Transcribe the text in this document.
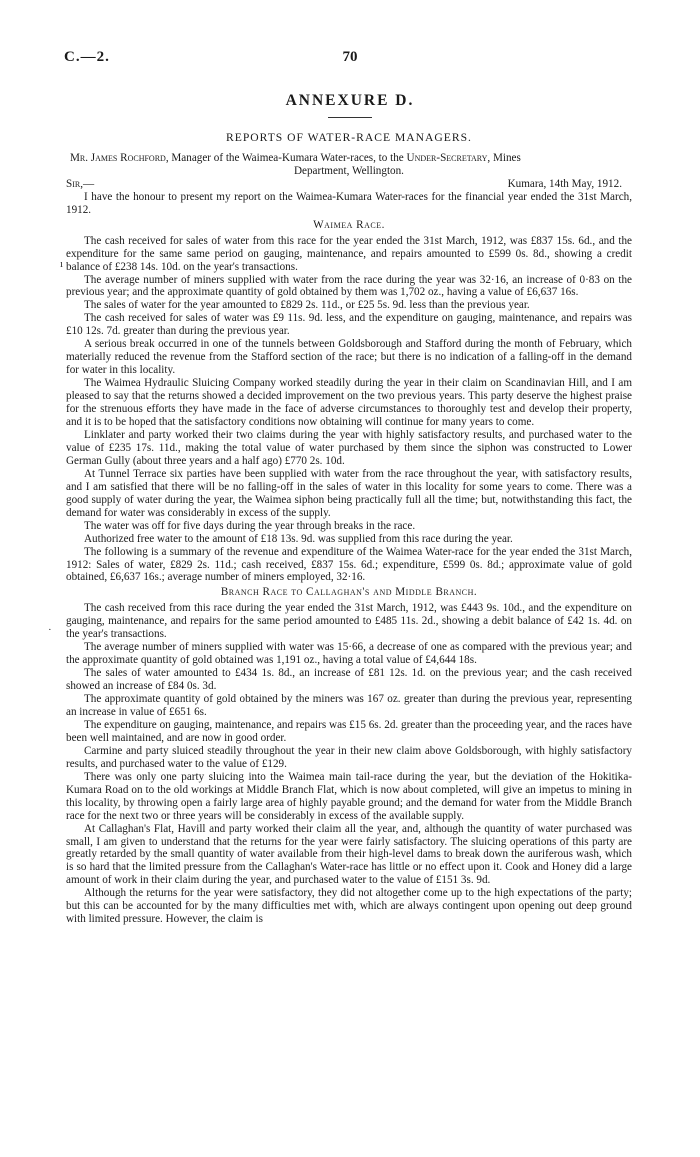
C.—2.	70
ANNEXURE D.
ı
·

REPORTS OF WATER-RACE MANAGERS.

Mr. James Rochford, Manager of the Waimea-Kumara Water-races, to the Under-Secretary, Mines

Department, Wellington.

Sir,—	Kumara, 14th May, 1912.

I have the honour to present my report on the Waimea-Kumara Water-races for the financial year ended the 31st March, 1912.

Waimea Race.

The cash received for sales of water from this race for the year ended the 31st March, 1912, was £837 15s. 6d., and the expenditure for the same same period on gauging, maintenance, and repairs amounted to £599 0s. 8d., showing a credit balance of £238 14s. 10d. on the year's transactions.

The average number of miners supplied with water from the race during the year was 32·16, an increase of 0·83 on the previous year; and the approximate quantity of gold obtained by them was 1,702 oz., having a value of £6,637 16s.

The sales of water for the year amounted to £829 2s. 11d., or £25 5s. 9d. less than the previous year.

The cash received for sales of water was £9 11s. 9d. less, and the expenditure on gauging, maintenance, and repairs was £10 12s. 7d. greater than during the previous year.

A serious break occurred in one of the tunnels between Goldsborough and Stafford during the month of February, which materially reduced the revenue from the Stafford section of the race; but there is no indication of a falling-off in the demand for water in this locality.

The Waimea Hydraulic Sluicing Company worked steadily during the year in their claim on Scandinavian Hill, and I am pleased to say that the returns showed a decided improvement on the two previous years. This party deserve the highest praise for the strenuous efforts they have made in the face of adverse circumstances to thoroughly test and develop their property, and it is to be hoped that the satisfactory conditions now obtaining will continue for many years to come.

Linklater and party worked their two claims during the year with highly satisfactory results, and purchased water to the value of £235 17s. 11d., making the total value of water purchased by them since the siphon was constructed to Lower German Gully (about three years and a half ago) £770 2s. 10d.

At Tunnel Terrace six parties have been supplied with water from the race throughout the year, with satisfactory results, and I am satisfied that there will be no falling-off in the sales of water in this locality for some years to come. There was a good supply of water during the year, the Waimea siphon being practically full all the time; but, notwithstanding this fact, the demand for water was considerably in excess of the supply.

The water was off for five days during the year through breaks in the race.

Authorized free water to the amount of £18 13s. 9d. was supplied from this race during the year.

The following is a summary of the revenue and expenditure of the Waimea Water-race for the year ended the 31st March, 1912: Sales of water, £829 2s. 11d.; cash received, £837 15s. 6d.; expenditure, £599 0s. 8d.; approximate value of gold obtained, £6,637 16s.; average number of miners employed, 32·16.

Branch Race to Callaghan's and Middle Branch.

The cash received from this race during the year ended the 31st March, 1912, was £443 9s. 10d., and the expenditure on gauging, maintenance, and repairs for the same period amounted to £485 11s. 2d., showing a debit balance of £42 1s. 4d. on the year's transactions.

The average number of miners supplied with water was 15·66, a decrease of one as compared with the previous year; and the approximate quantity of gold obtained was 1,191 oz., having a total value of £4,644 18s.

The sales of water amounted to £434 1s. 8d., an increase of £81 12s. 1d. on the previous year; and the cash received showed an increase of £84 0s. 3d.

The approximate quantity of gold obtained by the miners was 167 oz. greater than during the previous year, representing an increase in value of £651 6s.

The expenditure on gauging, maintenance, and repairs was £15 6s. 2d. greater than the proceeding year, and the races have been well maintained, and are now in good order.

Carmine and party sluiced steadily throughout the year in their new claim above Goldsborough, with highly satisfactory results, and purchased water to the value of £129.

There was only one party sluicing into the Waimea main tail-race during the year, but the deviation of the Hokitika-Kumara Road on to the old workings at Middle Branch Flat, which is now about completed, will give an impetus to mining in this locality, by throwing open a fairly large area of highly payable ground; and the demand for water from the Middle Branch race for the next two or three years will be considerably in excess of the available supply.

At Callaghan's Flat, Havill and party worked their claim all the year, and, although the quantity of water purchased was small, I am given to understand that the returns for the year were fairly satisfactory. The sluicing operations of this party are greatly retarded by the small quantity of water available from their high-level dams to break down the auriferous wash, which is so hard that the limited pressure from the Callaghan's Water-race has little or no effect upon it. Cook and Honey did a large amount of work in their claim during the year, and purchased water to the value of £151 3s. 9d.

Although the returns for the year were satisfactory, they did not altogether come up to the high expectations of the party; but this can be accounted for by the many difficulties met with, which are always contingent upon opening out deep ground with limited pressure. However, the claim is
